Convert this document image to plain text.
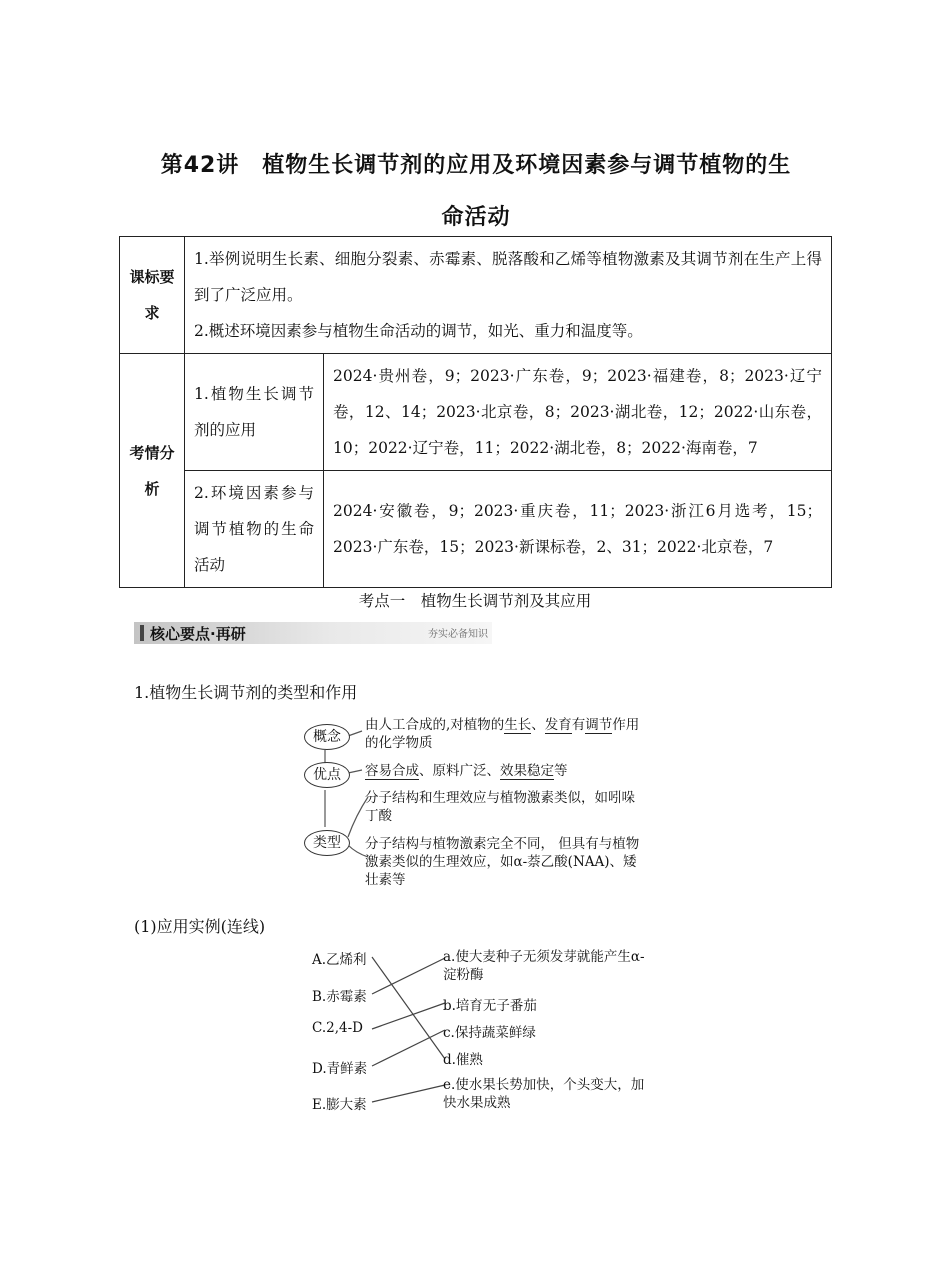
第42讲　植物生长调节剂的应用及环境因素参与调节植物的生
命活动
课标要求	1.举例说明生长素、细胞分裂素、赤霉素、脱落酸和乙烯等植物激素及其调节剂在生产上得到了广泛应用。
2.概述环境因素参与植物生命活动的调节，如光、重力和温度等。	

考情分析	1.植物生长调节剂的应用	2024·贵州卷，9；2023·广东卷，9；2023·福建卷，8；2023·辽宁卷，12、14；2023·北京卷，8；2023·湖北卷，12；2022·山东卷，10；2022·辽宁卷，11；2022·湖北卷，8；2022·海南卷，7
	2.环境因素参与调节植物的生命活动	2024·安徽卷，9；2023·重庆卷，11；2023·浙江6月选考，15；2023·广东卷，15；2023·新课标卷，2、31；2022·北京卷，7
考点一　植物生长调节剂及其应用
核心要点·再研	夯实必备知识
1.植物生长调节剂的类型和作用
概念
优点
类型
由人工合成的,对植物的生长、发育有调节作用的化学物质
容易合成、原料广泛、效果稳定等
分子结构和生理效应与植物激素类似，如吲哚丁酸
分子结构与植物激素完全不同， 但具有与植物激素类似的生理效应，如α-萘乙酸(NAA)、矮壮素等
(1)应用实例(连线)
A.乙烯利
B.赤霉素
C.2,4-D
D.青鲜素
E.膨大素
a.使大麦种子无须发芽就能产生α-淀粉酶
b.培育无子番茄
c.保持蔬菜鲜绿
d.催熟
e.使水果长势加快，个头变大，加快水果成熟
